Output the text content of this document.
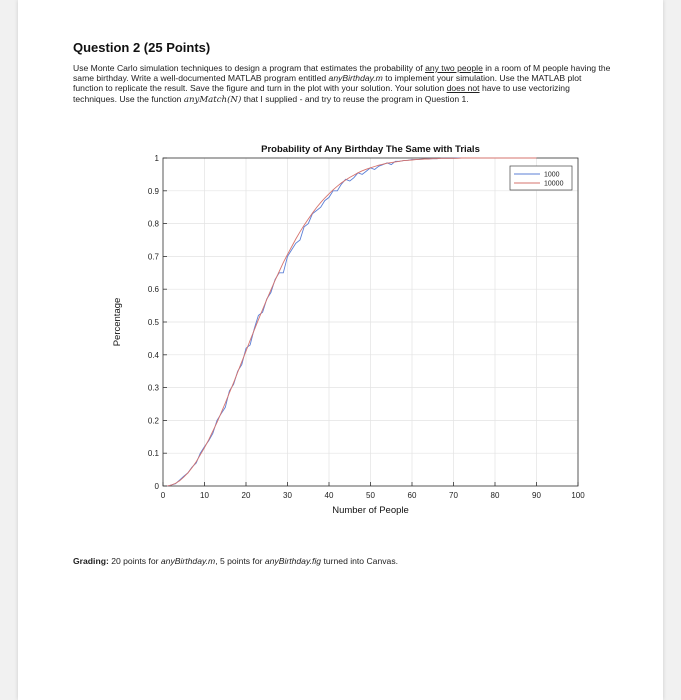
Question 2 (25 Points)
Use Monte Carlo simulation techniques to design a program that estimates the probability of any two people in a room of M people having the same birthday. Write a well-documented MATLAB program entitled anyBirthday.m to implement your simulation. Use the MATLAB plot function to replicate the result. Save the figure and turn in the plot with your solution. Your solution does not have to use vectorizing techniques. Use the function anyMatch(N) that I supplied - and try to reuse the program in Question 1.
0	10	20	30	40	50	60	70	80	90	100
0
0.1
0.2
0.3
0.4
0.5
0.6
0.7
0.8
0.9
1
Probability of Any Birthday The Same with Trials
Number of People
Percentage
1000
10000
Grading: 20 points for anyBirthday.m, 5 points for anyBirthday.fig turned into Canvas.
